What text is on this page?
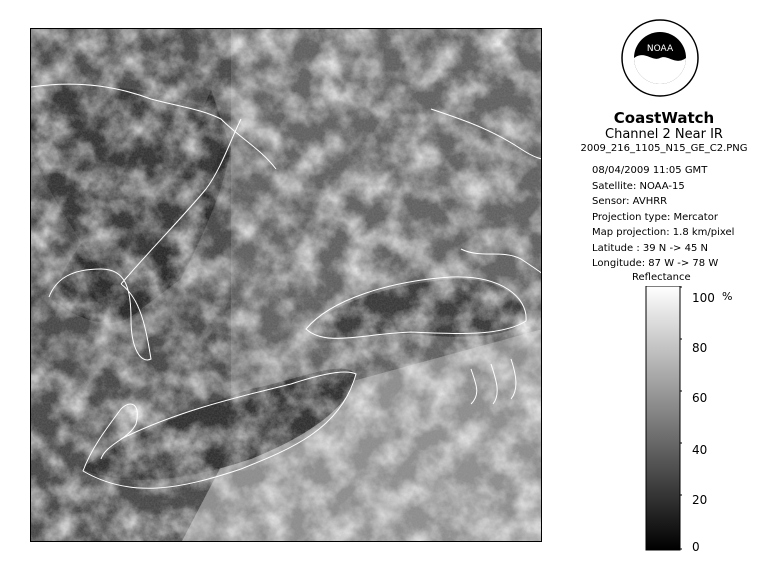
NOAA
CoastWatch
Channel 2 Near IR
2009_216_1105_N15_GE_C2.PNG
08/04/2009 11:05 GMT
Satellite: NOAA-15
Sensor: AVHRR
Projection type: Mercator
Map projection: 1.8 km/pixel
Latitude : 39 N -> 45 N
Longitude: 87 W -> 78 W
Reflectance
%
100
80
60
40
20
0
